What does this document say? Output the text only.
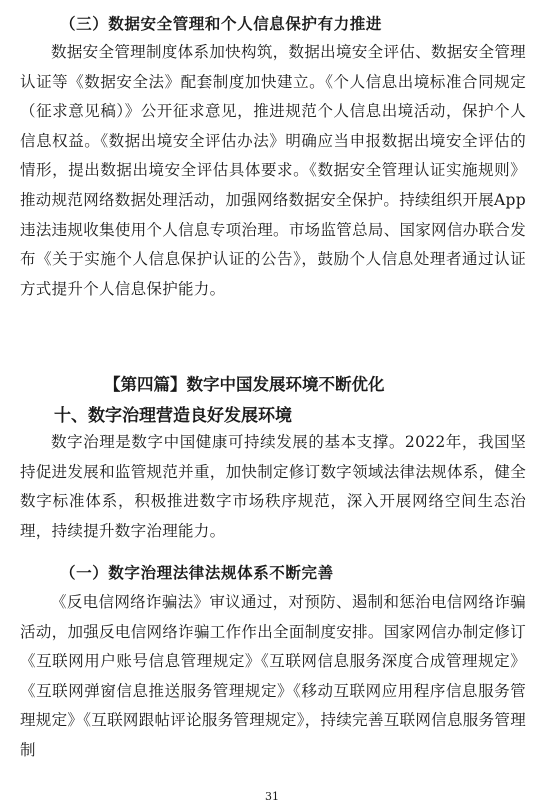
（三）数据安全管理和个人信息保护有力推进

数据安全管理制度体系加快构筑，数据出境安全评估、数据安全管理认证等《数据安全法》配套制度加快建立。《个人信息出境标准合同规定（征求意见稿）》公开征求意见，推进规范个人信息出境活动，保护个人信息权益。《数据出境安全评估办法》明确应当申报数据出境安全评估的情形，提出数据出境安全评估具体要求。《数据安全管理认证实施规则》推动规范网络数据处理活动，加强网络数据安全保护。持续组织开展App违法违规收集使用个人信息专项治理。市场监管总局、国家网信办联合发布《关于实施个人信息保护认证的公告》，鼓励个人信息处理者通过认证方式提升个人信息保护能力。

【第四篇】数字中国发展环境不断优化
十、数字治理营造良好发展环境

数字治理是数字中国健康可持续发展的基本支撑。2022年，我国坚持促进发展和监管规范并重，加快制定修订数字领域法律法规体系，健全数字标准体系，积极推进数字市场秩序规范，深入开展网络空间生态治理，持续提升数字治理能力。

（一）数字治理法律法规体系不断完善

《反电信网络诈骗法》审议通过，对预防、遏制和惩治电信网络诈骗活动，加强反电信网络诈骗工作作出全面制度安排。国家网信办制定修订《互联网用户账号信息管理规定》《互联网信息服务深度合成管理规定》《互联网弹窗信息推送服务管理规定》《移动互联网应用程序信息服务管理规定》《互联网跟帖评论服务管理规定》，持续完善互联网信息服务管理制

31
